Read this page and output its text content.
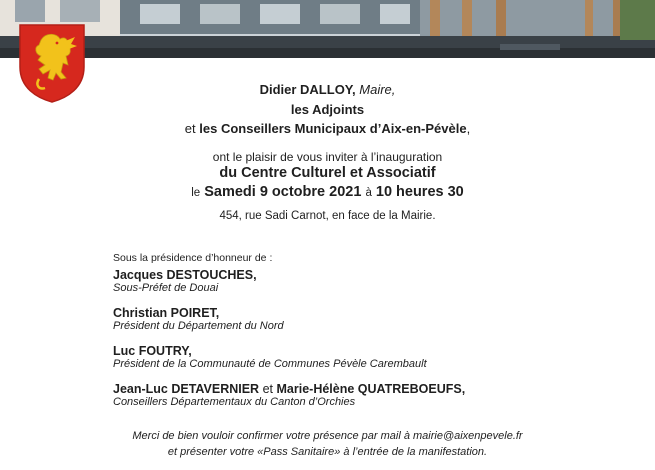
Didier DALLOY, Maire,
les Adjoints
et les Conseillers Municipaux d’Aix-en-Pévèle,
ont le plaisir de vous inviter à l’inauguration
du Centre Culturel et Associatif
le Samedi 9 octobre 2021 à 10 heures 30
454, rue Sadi Carnot, en face de la Mairie.
Sous la présidence d’honneur de :
Jacques DESTOUCHES,
Sous-Préfet de Douai
Christian POIRET,
Président du Département du Nord
Luc FOUTRY,
Président de la Communauté de Communes Pévèle Carembault
Jean-Luc DETAVERNIER et Marie-Hélène QUATREBOEUFS,
Conseillers Départementaux du Canton d’Orchies
Merci de bien vouloir confirmer votre présence par mail à mairie@aixenpevele.fr
et présenter votre «Pass Sanitaire» à l’entrée de la manifestation.
